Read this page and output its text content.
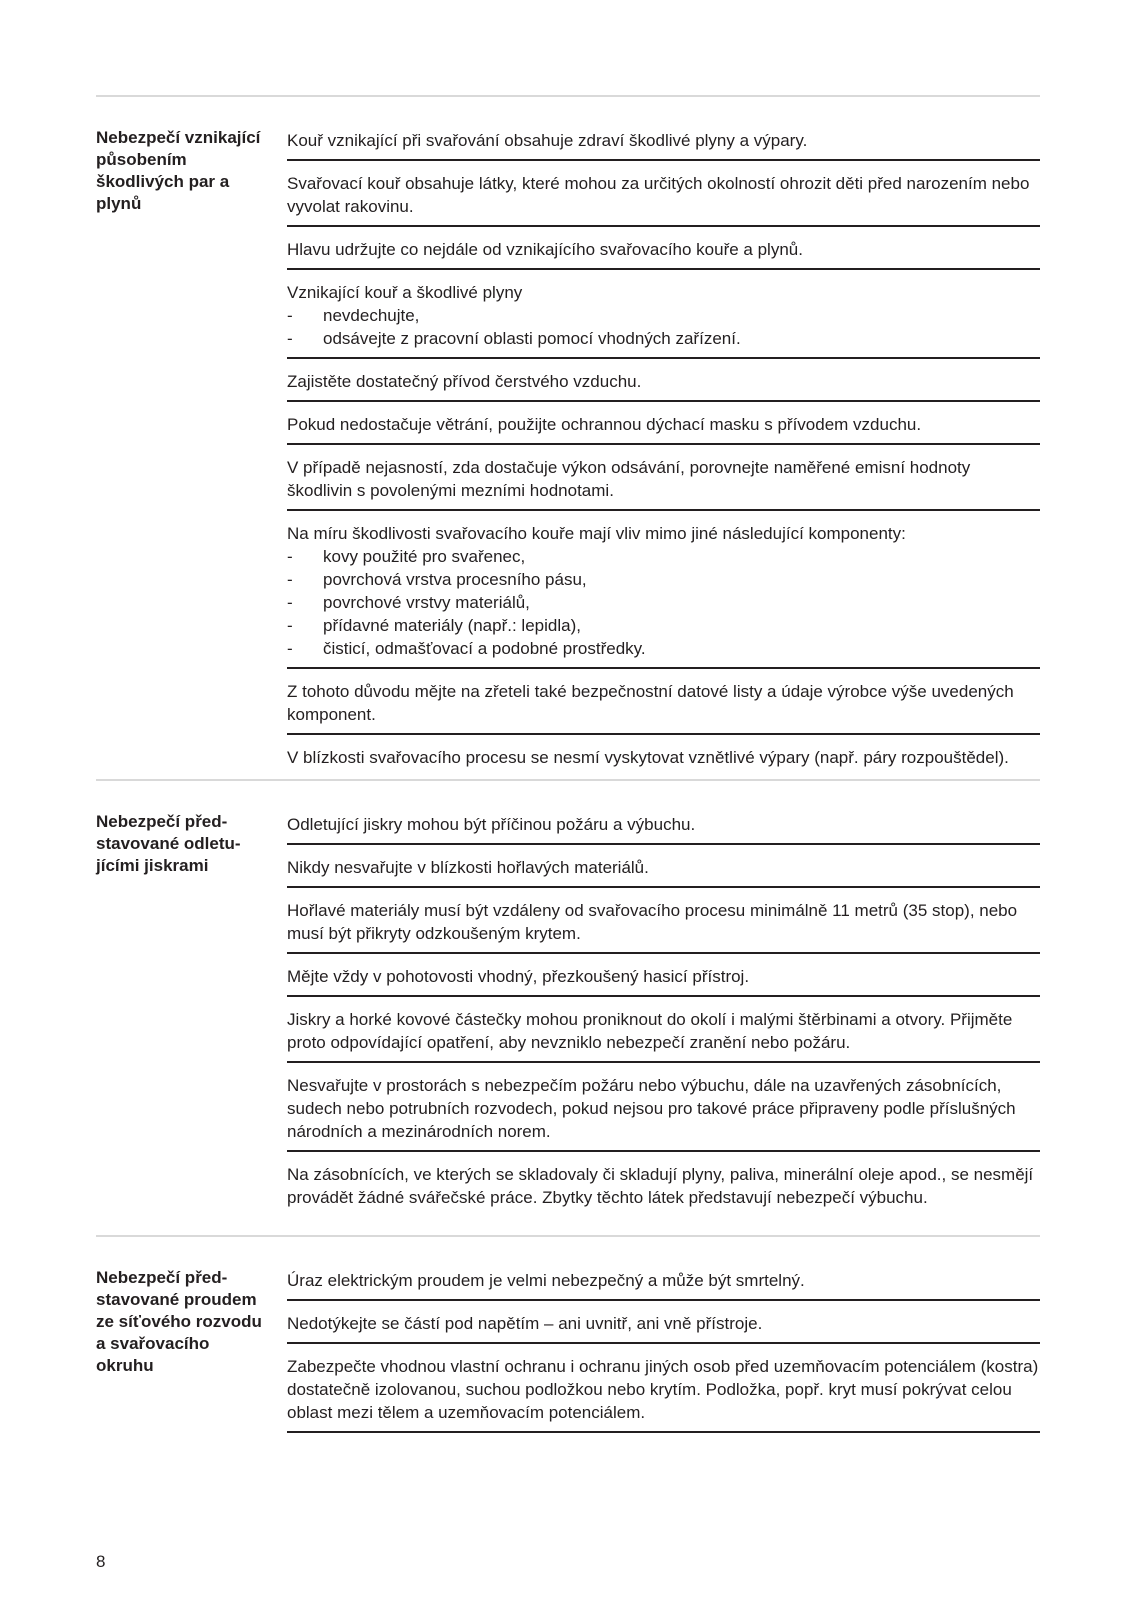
Nebezpečí vznikající působením škodlivých par a plynů
Kouř vznikající při svařování obsahuje zdraví škodlivé plyny a výpary.
Svařovací kouř obsahuje látky, které mohou za určitých okolností ohrozit děti před narozením nebo vyvolat rakovinu.
Hlavu udržujte co nejdále od vznikajícího svařovacího kouře a plynů.
Vznikající kouř a škodlivé plyny
-	nevdechujte,
-	odsávejte z pracovní oblasti pomocí vhodných zařízení.
Zajistěte dostatečný přívod čerstvého vzduchu.
Pokud nedostačuje větrání, použijte ochrannou dýchací masku s přívodem vzduchu.
V případě nejasností, zda dostačuje výkon odsávání, porovnejte naměřené emisní hodnoty škodlivin s povolenými mezními hodnotami.
Na míru škodlivosti svařovacího kouře mají vliv mimo jiné následující komponenty:
-	kovy použité pro svařenec,
-	povrchová vrstva procesního pásu,
-	povrchové vrstvy materiálů,
-	přídavné materiály (např.: lepidla),
-	čisticí, odmašťovací a podobné prostředky.
Z tohoto důvodu mějte na zřeteli také bezpečnostní datové listy a údaje výrobce výše uvedených komponent.
V blízkosti svařovacího procesu se nesmí vyskytovat vznětlivé výpary (např. páry rozpouštědel).
Nebezpečí představované odletujícími jiskrami
Odletující jiskry mohou být příčinou požáru a výbuchu.
Nikdy nesvařujte v blízkosti hořlavých materiálů.
Hořlavé materiály musí být vzdáleny od svařovacího procesu minimálně 11 metrů (35 stop), nebo musí být přikryty odzkoušeným krytem.
Mějte vždy v pohotovosti vhodný, přezkoušený hasicí přístroj.
Jiskry a horké kovové částečky mohou proniknout do okolí i malými štěrbinami a otvory. Přijměte proto odpovídající opatření, aby nevzniklo nebezpečí zranění nebo požáru.
Nesvařujte v prostorách s nebezpečím požáru nebo výbuchu, dále na uzavřených zásobnících, sudech nebo potrubních rozvodech, pokud nejsou pro takové práce připraveny podle příslušných národních a mezinárodních norem.
Na zásobnících, ve kterých se skladovaly či skladují plyny, paliva, minerální oleje apod., se nesmějí provádět žádné svářečské práce. Zbytky těchto látek představují nebezpečí výbuchu.
Nebezpečí představované proudem ze síťového rozvodu a svařovacího okruhu
Úraz elektrickým proudem je velmi nebezpečný a může být smrtelný.
Nedotýkejte se částí pod napětím – ani uvnitř, ani vně přístroje.
Zabezpečte vhodnou vlastní ochranu i ochranu jiných osob před uzemňovacím potenciálem (kostra) dostatečně izolovanou, suchou podložkou nebo krytím. Podložka, popř. kryt musí pokrývat celou oblast mezi tělem a uzemňovacím potenciálem.
8
